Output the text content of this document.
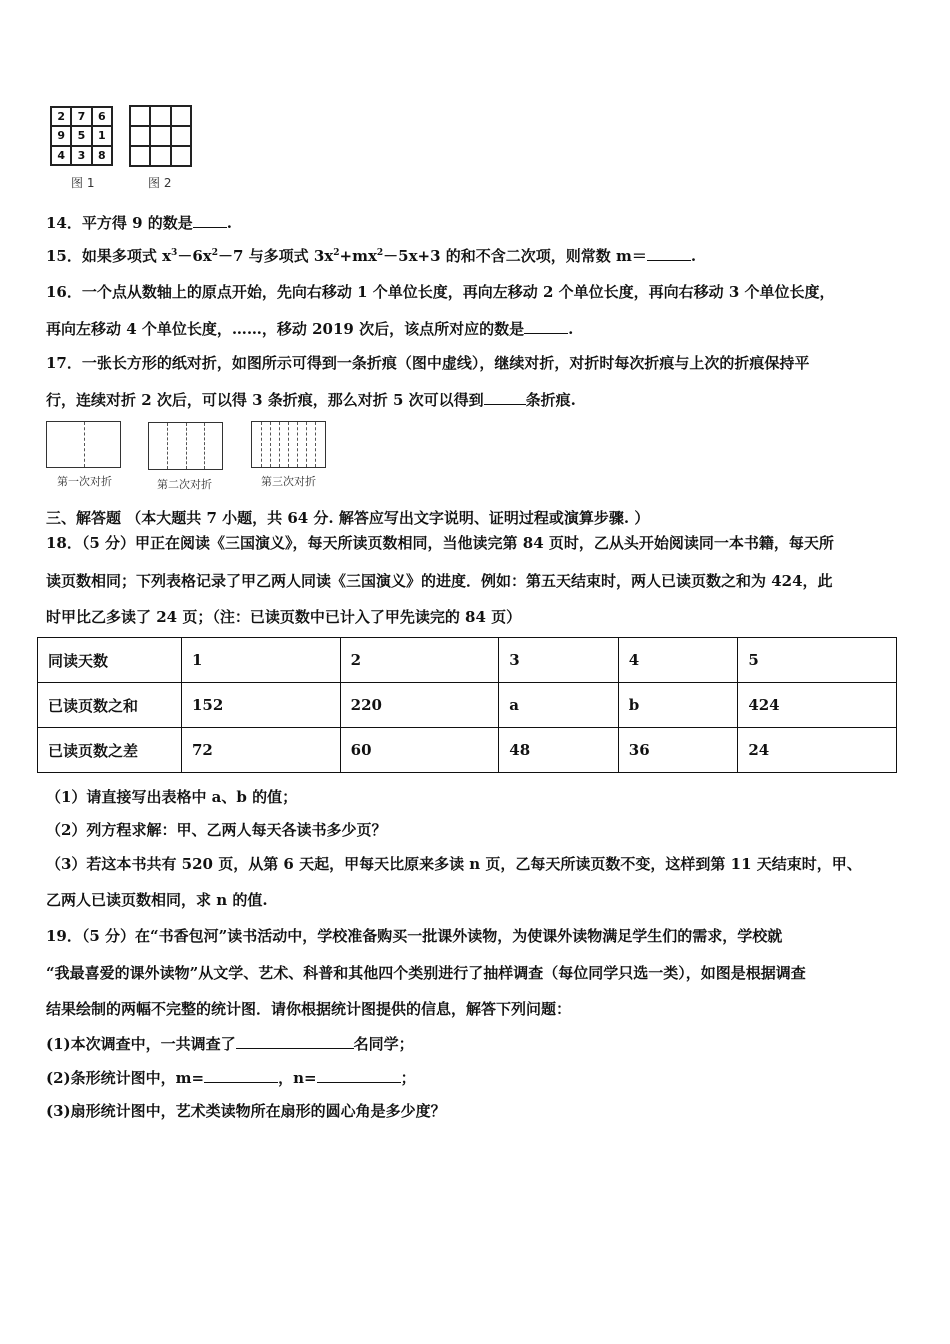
2	7	6
9	5	1
4	3	8
图 1	图 2
14．平方得 9 的数是 .
15．如果多项式 $x^3-6x^2-7$ 与多项式 $3x^2+mx^2-5x+3$ 的和不含二次项，则常数 m＝	.
16．一个点从数轴上的原点开始，先向右移动 1 个单位长度，再向左移动 2 个单位长度，再向右移动 3 个单位长度，
再向左移动 4 个单位长度，……，移动 2019 次后，该点所对应的数是	.
17．一张长方形的纸对折，如图所示可得到一条折痕（图中虚线），继续对折，对折时每次折痕与上次的折痕保持平
行，连续对折 2 次后，可以得 3 条折痕，那么对折 5 次可以得到	条折痕.
第一次对折	第二次对折	第三次对折
三、解答题 （本大题共 7 小题，共 64 分. 解答应写出文字说明、证明过程或演算步骤. ）
18．（5 分）甲正在阅读《三国演义》，每天所读页数相同，当他读完第 84 页时，乙从头开始阅读同一本书籍，每天所
读页数相同；下列表格记录了甲乙两人同读《三国演义》的进度．例如：第五天结束时，两人已读页数之和为 424，此
时甲比乙多读了 24 页；（注：已读页数中已计入了甲先读完的 84 页）
同读天数	1	2	3	4	5
已读页数之和	152	220	a	b	424
已读页数之差	72	60	48	36	24
（1）请直接写出表格中 a、b 的值；
（2）列方程求解：甲、乙两人每天各读书多少页？
（3）若这本书共有 520 页，从第 6 天起，甲每天比原来多读 n 页，乙每天所读页数不变，这样到第 11 天结束时，甲、
乙两人已读页数相同，求 n 的值.
19．（5 分）在“书香包河”读书活动中，学校准备购买一批课外读物，为使课外读物满足学生们的需求，学校就
“我最喜爱的课外读物”从文学、艺术、科普和其他四个类别进行了抽样调查（每位同学只选一类），如图是根据调查
结果绘制的两幅不完整的统计图．请你根据统计图提供的信息，解答下列问题：
(1)本次调查中，一共调查了	名同学；
(2)条形统计图中，m=	，n=	；
(3)扇形统计图中，艺术类读物所在扇形的圆心角是多少度？
